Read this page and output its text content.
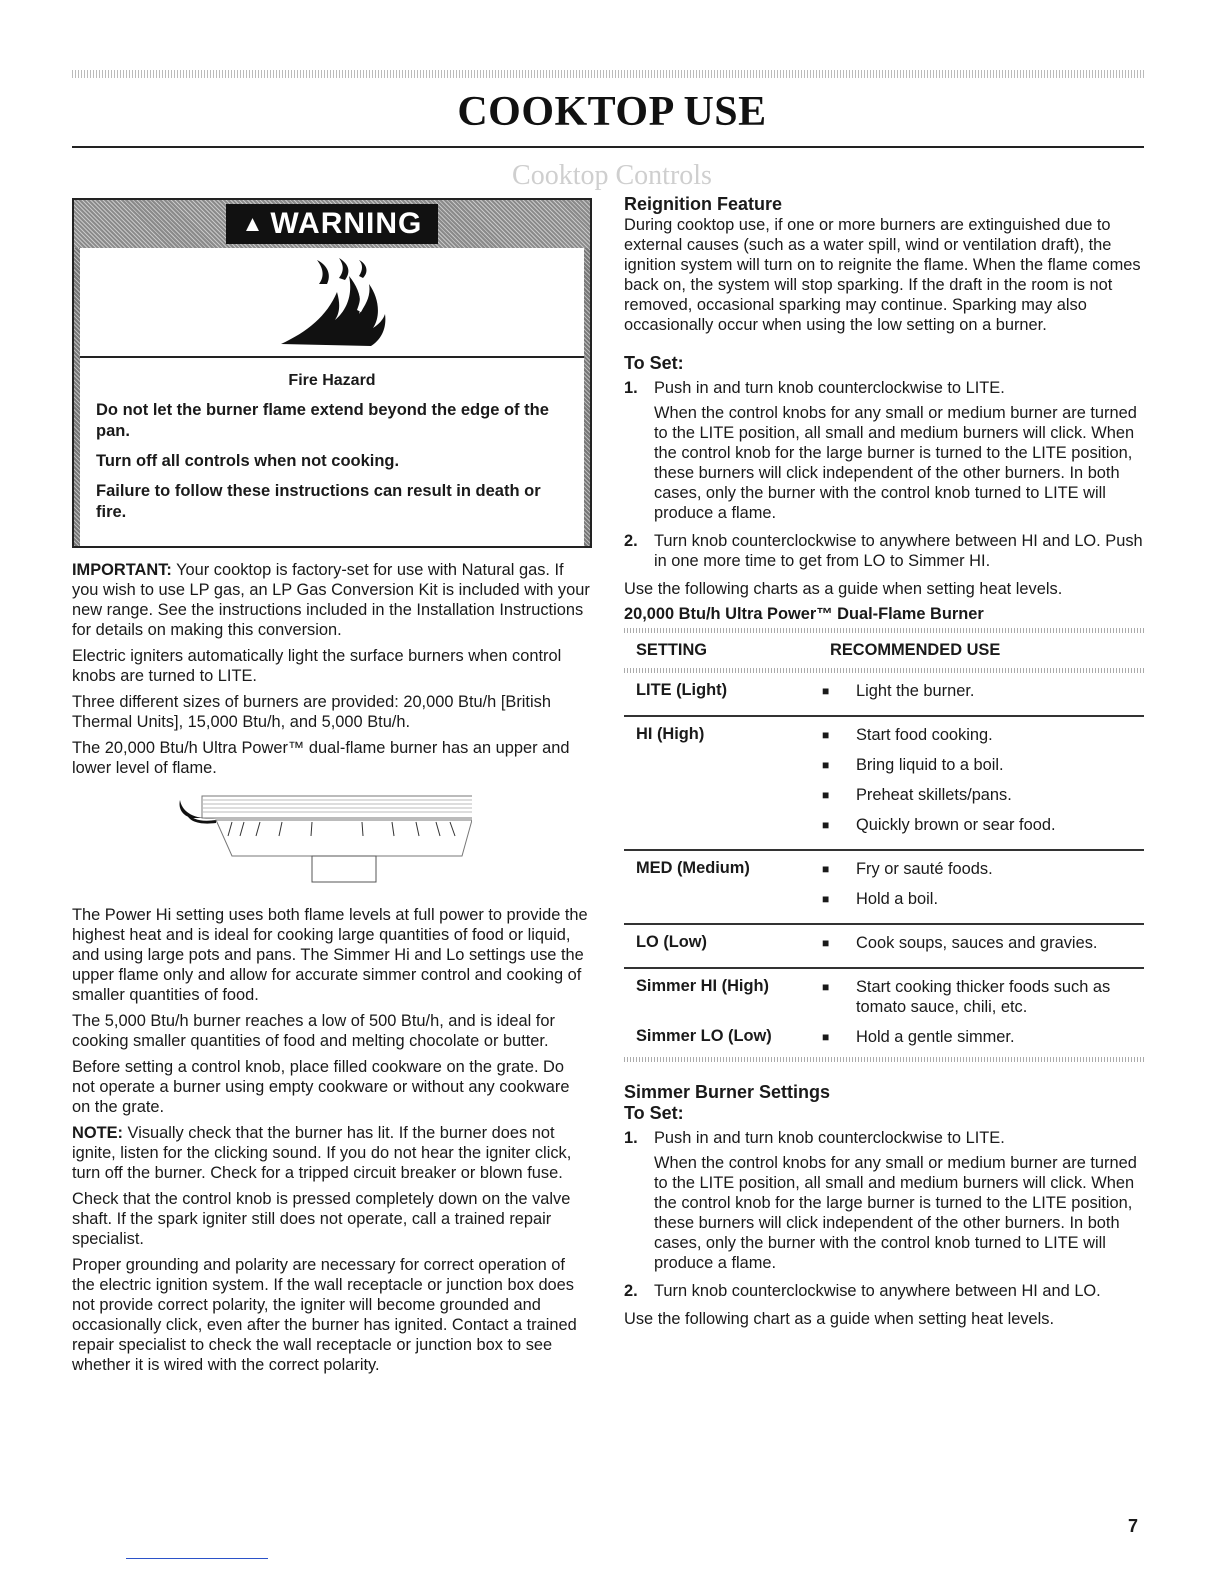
COOKTOP USE
Cooktop Controls
▲ WARNING
Fire Hazard

Do not let the burner flame extend beyond the edge of the pan.

Turn off all controls when not cooking.

Failure to follow these instructions can result in death or fire.

IMPORTANT: Your cooktop is factory-set for use with Natural gas. If you wish to use LP gas, an LP Gas Conversion Kit is included with your new range. See the instructions included in the Installation Instructions for details on making this conversion.

Electric igniters automatically light the surface burners when control knobs are turned to LITE.

Three different sizes of burners are provided: 20,000 Btu/h [British Thermal Units], 15,000 Btu/h, and 5,000 Btu/h.

The 20,000 Btu/h Ultra Power™ dual-flame burner has an upper and lower level of flame.

The Power Hi setting uses both flame levels at full power to provide the highest heat and is ideal for cooking large quantities of food or liquid, and using large pots and pans. The Simmer Hi and Lo settings use the upper flame only and allow for accurate simmer control and cooking of smaller quantities of food.

The 5,000 Btu/h burner reaches a low of 500 Btu/h, and is ideal for cooking smaller quantities of food and melting chocolate or butter.

Before setting a control knob, place filled cookware on the grate. Do not operate a burner using empty cookware or without any cookware on the grate.

NOTE: Visually check that the burner has lit. If the burner does not ignite, listen for the clicking sound. If you do not hear the igniter click, turn off the burner. Check for a tripped circuit breaker or blown fuse.

Check that the control knob is pressed completely down on the valve shaft. If the spark igniter still does not operate, call a trained repair specialist.

Proper grounding and polarity are necessary for correct operation of the electric ignition system. If the wall receptacle or junction box does not provide correct polarity, the igniter will become grounded and occasionally click, even after the burner has ignited. Contact a trained repair specialist to check the wall receptacle or junction box to see whether it is wired with the correct polarity.

Reignition Feature

During cooktop use, if one or more burners are extinguished due to external causes (such as a water spill, wind or ventilation draft), the ignition system will turn on to reignite the flame. When the flame comes back on, the system will stop sparking. If the draft in the room is not removed, occasional sparking may continue. Sparking may also occasionally occur when using the low setting on a burner.

To Set:
1. Push in and turn knob counterclockwise to LITE.
When the control knobs for any small or medium burner are turned to the LITE position, all small and medium burners will click. When the control knob for the large burner is turned to the LITE position, these burners will click independent of the other burners. In both cases, only the burner with the control knob turned to LITE will produce a flame.
2. Turn knob counterclockwise to anywhere between HI and LO. Push in one more time to get from LO to Simmer HI.

Use the following charts as a guide when setting heat levels.

20,000 Btu/h Ultra Power™ Dual-Flame Burner
SETTING	RECOMMENDED USE
LITE (Light)	■	Light the burner.
HI (High)	■	Start food cooking.
■	Bring liquid to a boil.
■	Preheat skillets/pans.
■	Quickly brown or sear food.
MED (Medium)	■	Fry or sauté foods.
■	Hold a boil.
LO (Low)	■	Cook soups, sauces and gravies.
Simmer HI (High)	■	Start cooking thicker foods such as tomato sauce, chili, etc.
Simmer LO (Low)	■	Hold a gentle simmer.
Simmer Burner Settings
To Set:
1. Push in and turn knob counterclockwise to LITE.
When the control knobs for any small or medium burner are turned to the LITE position, all small and medium burners will click. When the control knob for the large burner is turned to the LITE position, these burners will click independent of the other burners. In both cases, only the burner with the control knob turned to LITE will produce a flame.
2. Turn knob counterclockwise to anywhere between HI and LO.

Use the following chart as a guide when setting heat levels.

7
